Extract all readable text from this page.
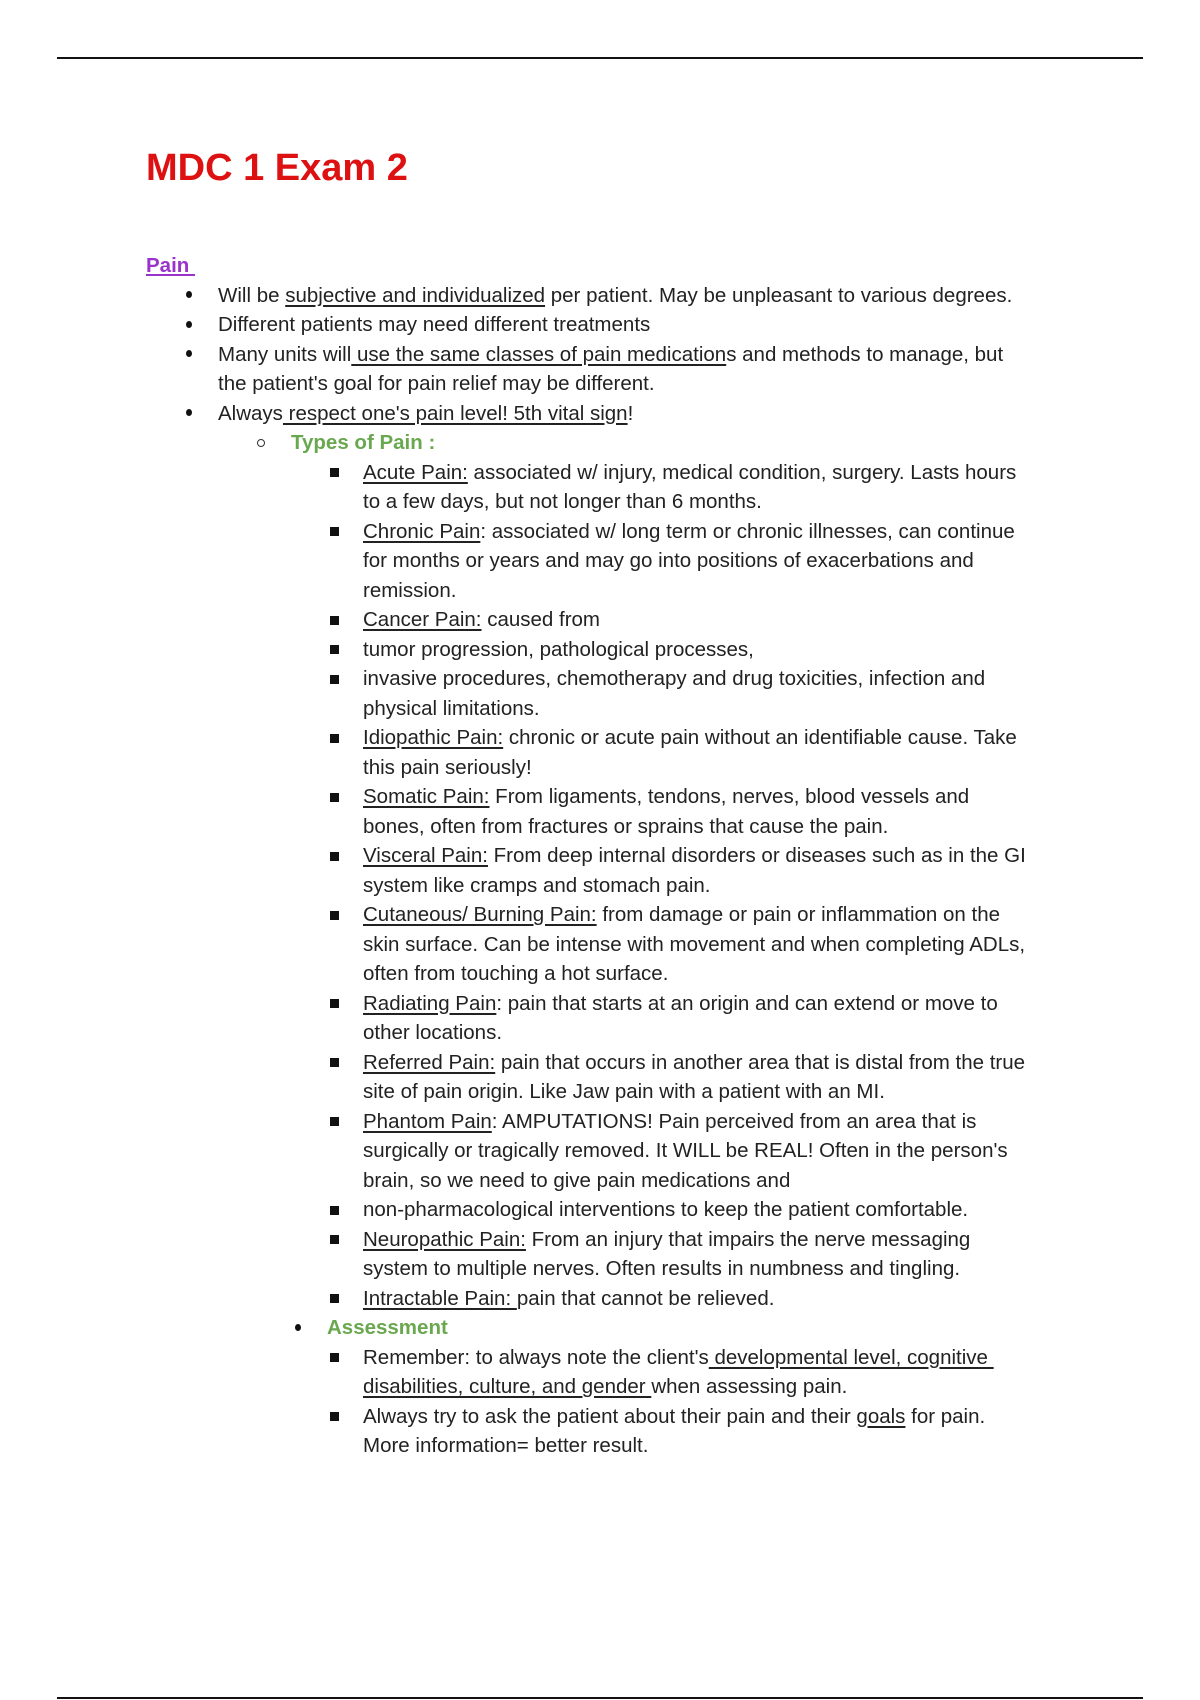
MDC 1 Exam 2
Pain
Will be subjective and individualized per patient. May be unpleasant to various degrees.
Different patients may need different treatments
Many units will use the same classes of pain medications and methods to manage, but
the patient's goal for pain relief may be different.
Always respect one's pain level! 5th vital sign!
Types of Pain :
Acute Pain: associated w/ injury, medical condition, surgery. Lasts hours
to a few days, but not longer than 6 months.
Chronic Pain: associated w/ long term or chronic illnesses, can continue
for months or years and may go into positions of exacerbations and
remission.
Cancer Pain: caused from
tumor progression, pathological processes,
invasive procedures, chemotherapy and drug toxicities, infection and
physical limitations.
Idiopathic Pain: chronic or acute pain without an identifiable cause. Take
this pain seriously!
Somatic Pain: From ligaments, tendons, nerves, blood vessels and
bones, often from fractures or sprains that cause the pain.
Visceral Pain: From deep internal disorders or diseases such as in the GI
system like cramps and stomach pain.
Cutaneous/ Burning Pain: from damage or pain or inflammation on the
skin surface. Can be intense with movement and when completing ADLs,
often from touching a hot surface.
Radiating Pain: pain that starts at an origin and can extend or move to
other locations.
Referred Pain: pain that occurs in another area that is distal from the true
site of pain origin. Like Jaw pain with a patient with an MI.
Phantom Pain: AMPUTATIONS! Pain perceived from an area that is
surgically or tragically removed. It WILL be REAL! Often in the person's
brain, so we need to give pain medications and
non-pharmacological interventions to keep the patient comfortable.
Neuropathic Pain: From an injury that impairs the nerve messaging
system to multiple nerves. Often results in numbness and tingling.
Intractable Pain: pain that cannot be relieved.
Assessment
Remember: to always note the client's developmental level, cognitive
disabilities, culture, and gender when assessing pain.
Always try to ask the patient about their pain and their goals for pain.
More information= better result.
